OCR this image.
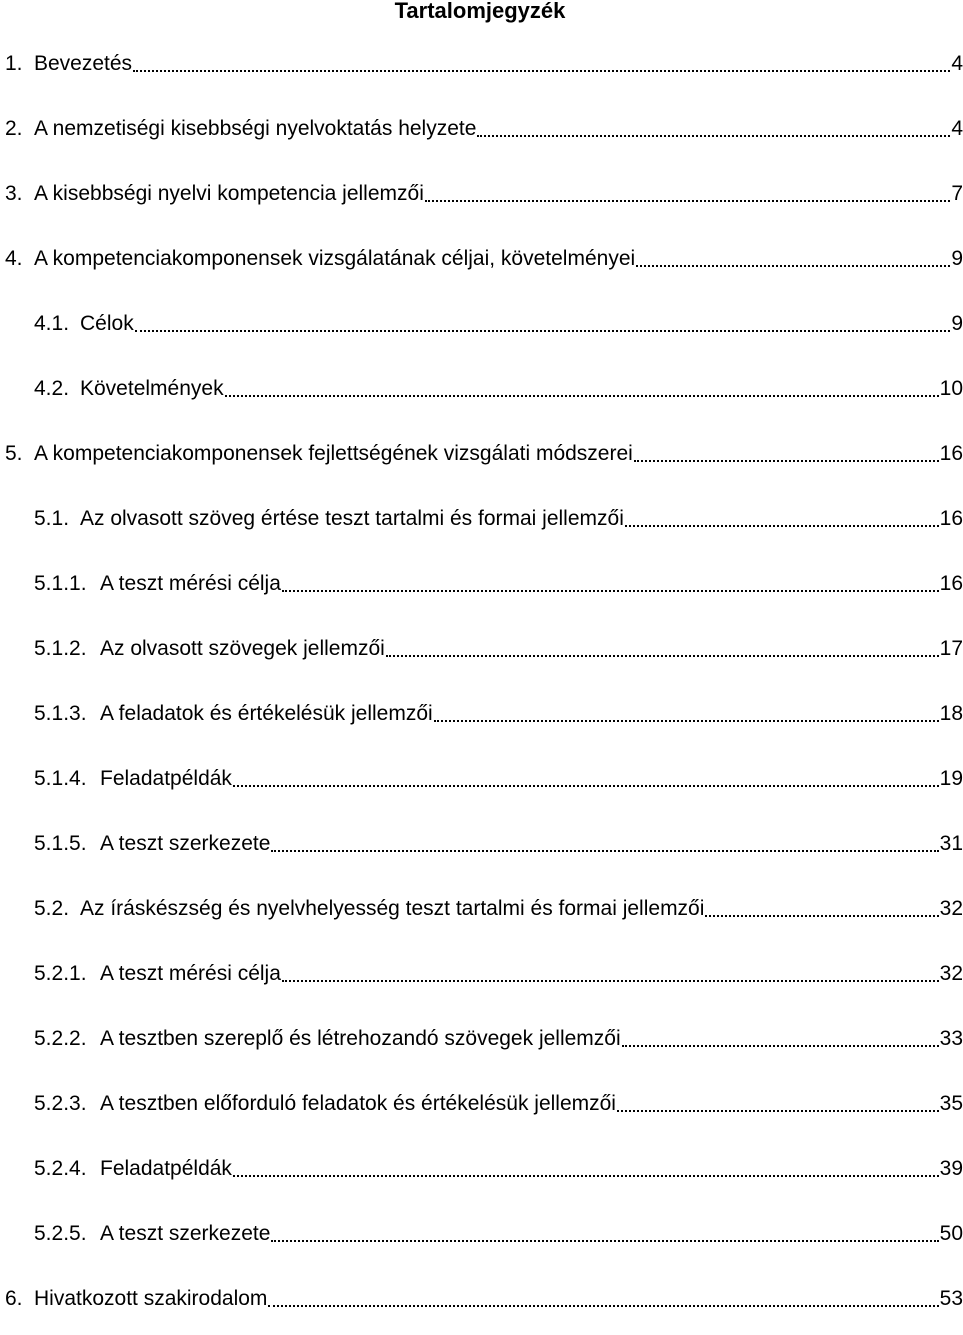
Tartalomjegyzék
1. Bevezetés	4
2. A nemzetiségi kisebbségi nyelvoktatás helyzete	4
3. A kisebbségi nyelvi kompetencia jellemzői	7
4. A kompetenciakomponensek vizsgálatának céljai, követelményei	9
4.1. Célok	9
4.2. Követelmények	10
5. A kompetenciakomponensek fejlettségének vizsgálati módszerei	16
5.1. Az olvasott szöveg értése teszt tartalmi és formai jellemzői	16
5.1.1. A teszt mérési célja	16
5.1.2. Az olvasott szövegek jellemzői	17
5.1.3. A feladatok és értékelésük jellemzői	18
5.1.4. Feladatpéldák	19
5.1.5. A teszt szerkezete	31
5.2. Az íráskészség és nyelvhelyesség teszt tartalmi és formai jellemzői	32
5.2.1. A teszt mérési célja	32
5.2.2. A tesztben szereplő és létrehozandó szövegek jellemzői	33
5.2.3. A tesztben előforduló feladatok és értékelésük jellemzői	35
5.2.4. Feladatpéldák	39
5.2.5. A teszt szerkezete	50
6. Hivatkozott szakirodalom	53
